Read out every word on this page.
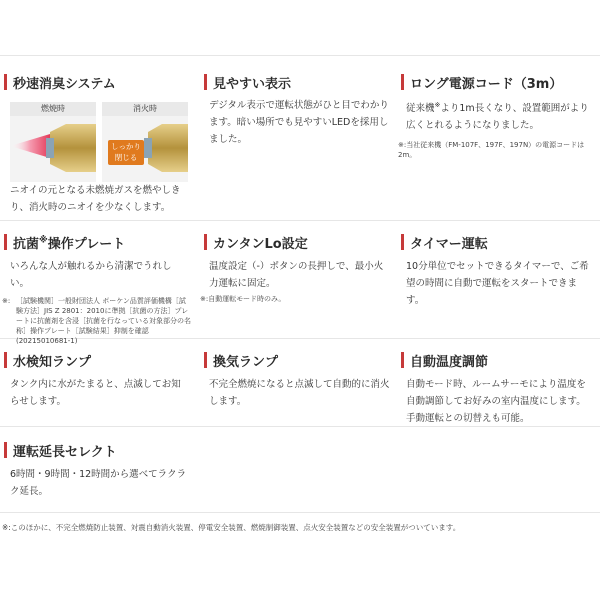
秒速消臭システム
燃焼時	消火時
しっかり閉じる
ニオイの元となる未燃焼ガスを燃やしきり、消火時のニオイを少なくします。
見やすい表示
デジタル表示で運転状態がひと目でわかります。暗い場所でも見やすいLEDを採用しました。
ロング電源コード（3m）
従来機※より1m長くなり、設置範囲がより広くとれるようになりました。
※:当社従来機（FM-107F、197F、197N）の電源コードは2m。
抗菌※操作プレート
いろんな人が触れるから清潔でうれしい。
※: ［試験機関］一般財団法人 ボーケン品質評価機構［試験方法］JIS Z 2801：2010に準拠［抗菌の方法］プレートに抗菌剤を含浸［抗菌を行なっている対象部分の名称］操作プレート［試験結果］抑制を確認(20215010681-1)
カンタンLo設定
温度設定（-）ボタンの長押しで、最小火力運転に固定。
※:自動運転モード時のみ。
タイマー運転
10分単位でセットできるタイマーで、ご希望の時間に自動で運転をスタートできます。
水検知ランプ
タンク内に水がたまると、点滅してお知らせします。
換気ランプ
不完全燃焼になると点滅して自動的に消火します。
自動温度調節
自動モード時、ルームサーモにより温度を自動調節してお好みの室内温度にします。手動運転との切替えも可能。
運転延長セレクト
6時間・9時間・12時間から選べてラクラク延長。
※:このほかに、不完全燃焼防止装置、対震自動消火装置、停電安全装置、燃焼制御装置、点火安全装置などの安全装置がついています。
